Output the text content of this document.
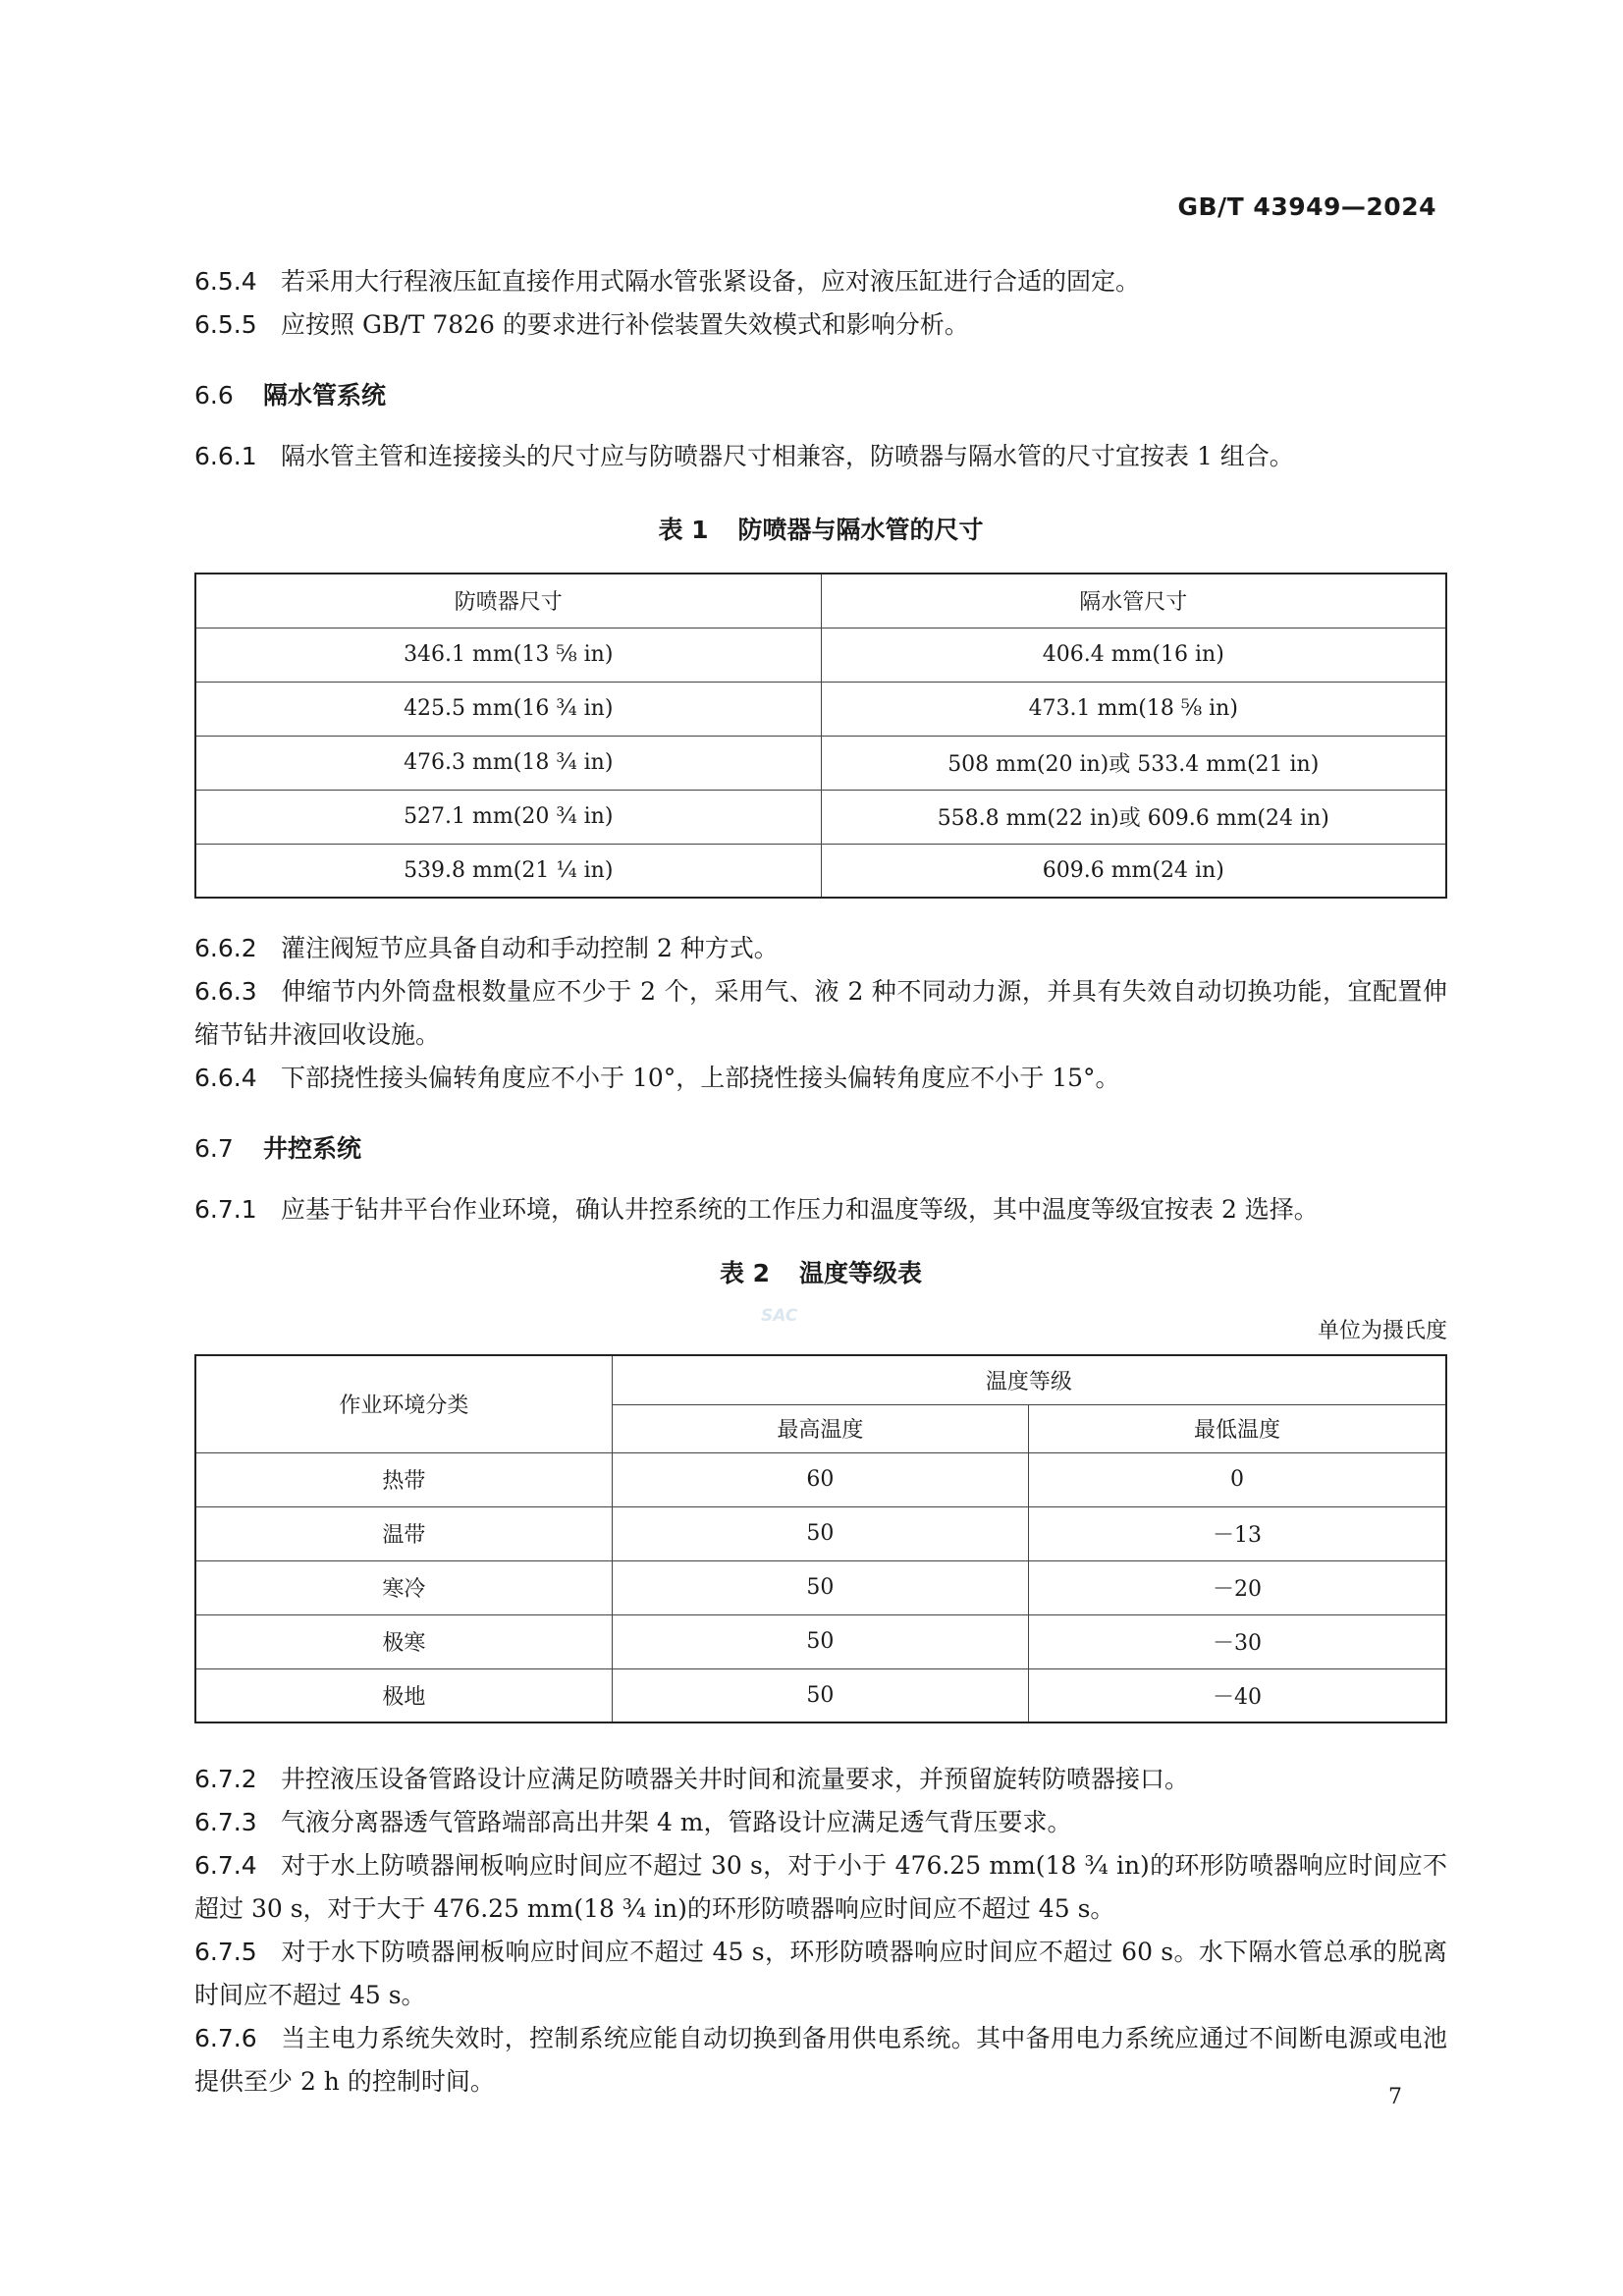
GB/T 43949—2024
6.5.4 若采用大行程液压缸直接作用式隔水管张紧设备，应对液压缸进行合适的固定。
6.5.5 应按照 GB/T 7826 的要求进行补偿装置失效模式和影响分析。
6.6 隔水管系统
6.6.1 隔水管主管和连接接头的尺寸应与防喷器尺寸相兼容，防喷器与隔水管的尺寸宜按表 1 组合。
表 1 防喷器与隔水管的尺寸
防喷器尺寸	隔水管尺寸
346.1 mm(13 ⅝ in)	406.4 mm(16 in)
425.5 mm(16 ¾ in)	473.1 mm(18 ⅝ in)
476.3 mm(18 ¾ in)	508 mm(20 in)或 533.4 mm(21 in)
527.1 mm(20 ¾ in)	558.8 mm(22 in)或 609.6 mm(24 in)
539.8 mm(21 ¼ in)	609.6 mm(24 in)
6.6.2 灌注阀短节应具备自动和手动控制 2 种方式。
6.6.3 伸缩节内外筒盘根数量应不少于 2 个，采用气、液 2 种不同动力源，并具有失效自动切换功能，宜配置伸缩节钻井液回收设施。
6.6.4 下部挠性接头偏转角度应不小于 10°，上部挠性接头偏转角度应不小于 15°。
6.7 井控系统
6.7.1 应基于钻井平台作业环境，确认井控系统的工作压力和温度等级，其中温度等级宜按表 2 选择。
表 2 温度等级表
单位为摄氏度
作业环境分类	温度等级	
	最高温度	最低温度
热带	60	0
温带	50	－13
寒冷	50	－20
极寒	50	－30
极地	50	－40
6.7.2 井控液压设备管路设计应满足防喷器关井时间和流量要求，并预留旋转防喷器接口。
6.7.3 气液分离器透气管路端部高出井架 4 m，管路设计应满足透气背压要求。
6.7.4 对于水上防喷器闸板响应时间应不超过 30 s，对于小于 476.25 mm(18 ¾ in)的环形防喷器响应时间应不超过 30 s，对于大于 476.25 mm(18 ¾ in)的环形防喷器响应时间应不超过 45 s。
6.7.5 对于水下防喷器闸板响应时间应不超过 45 s，环形防喷器响应时间应不超过 60 s。水下隔水管总承的脱离时间应不超过 45 s。
6.7.6 当主电力系统失效时，控制系统应能自动切换到备用供电系统。其中备用电力系统应通过不间断电源或电池提供至少 2 h 的控制时间。
SAC
7
